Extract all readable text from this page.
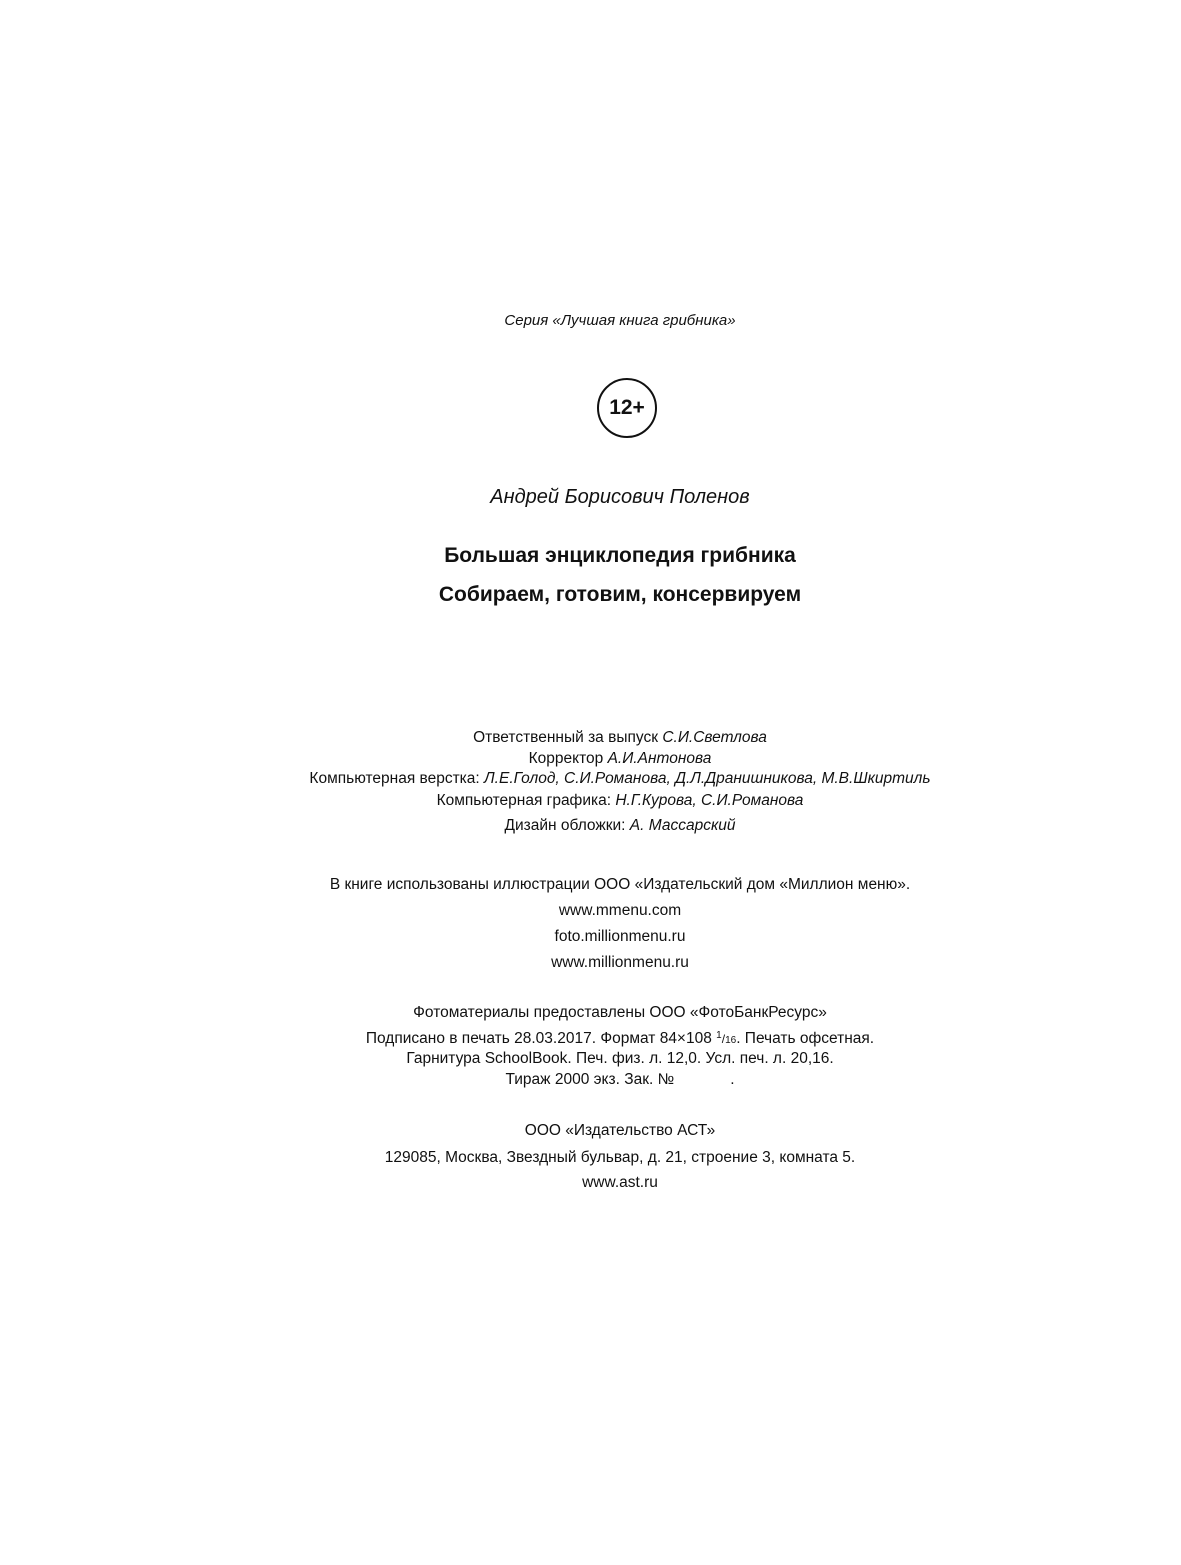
Серия «Лучшая книга грибника»
12+
Андрей Борисович Поленов
Большая энциклопедия грибника
Собираем, готовим, консервируем
Ответственный за выпуск С.И.Светлова
Корректор А.И.Антонова
Компьютерная верстка: Л.Е.Голод, С.И.Романова, Д.Л.Дранишникова, М.В.Шкиртиль
Компьютерная графика: Н.Г.Курова, С.И.Романова
Дизайн обложки: А. Массарский
В книге использованы иллюстрации ООО «Издательский дом «Миллион меню».
www.mmenu.com
foto.millionmenu.ru
www.millionmenu.ru
Фотоматериалы предоставлены ООО «ФотоБанкРесурс»
Подписано в печать 28.03.2017. Формат 84×108 $^1$/16. Печать офсетная.
Гарнитура SchoolBook. Печ. физ. л. 12,0. Усл. печ. л. 20,16.
Тираж 2000 экз. Зак. №             .
ООО «Издательство АСТ»
129085, Москва, Звездный бульвар, д. 21, строение 3, комната 5.
www.ast.ru
